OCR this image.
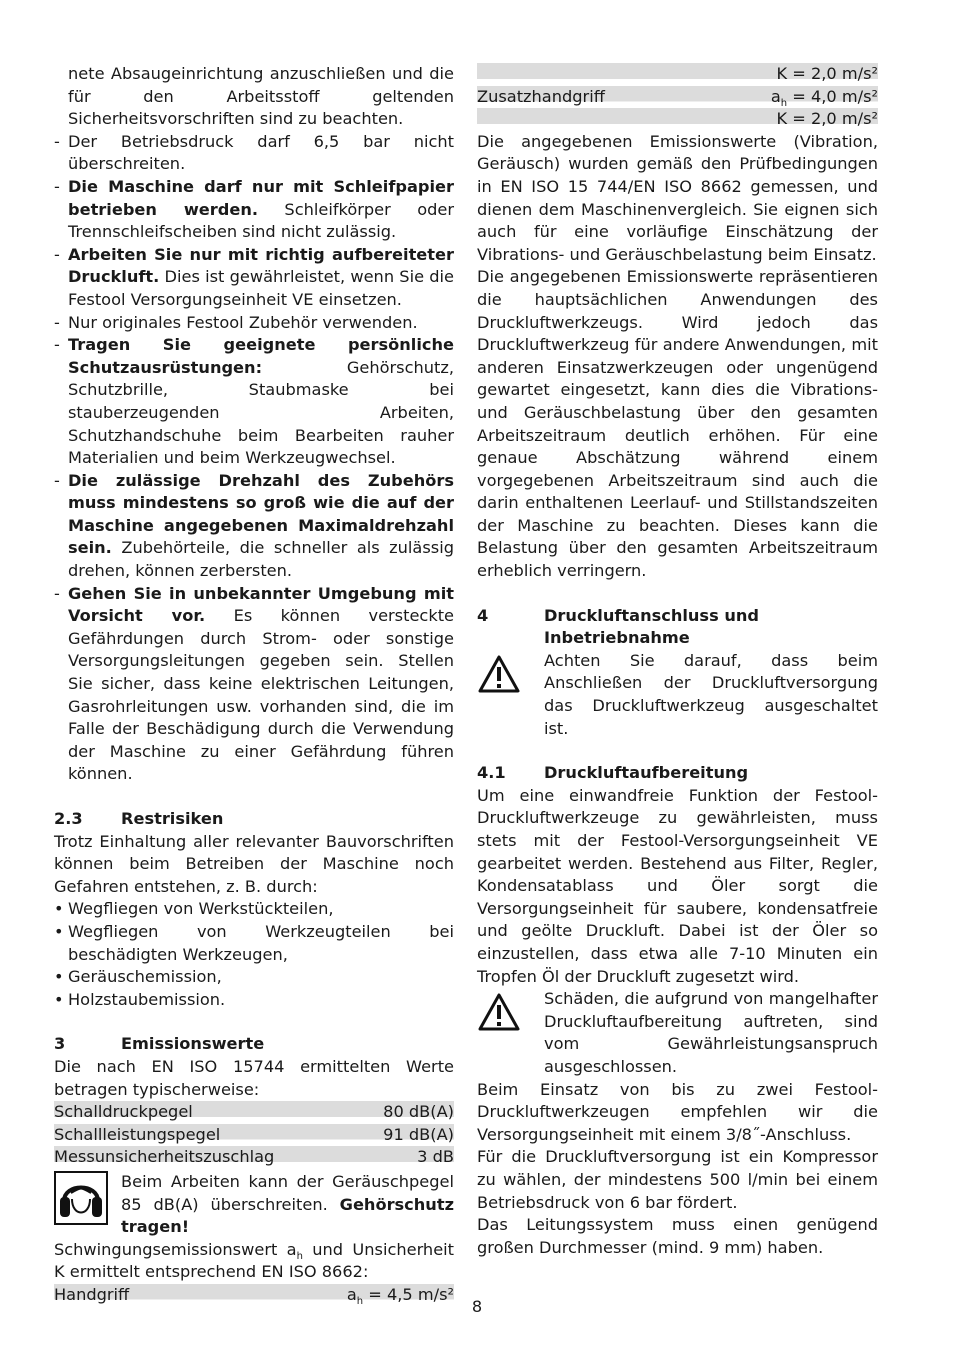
nete Absaugeinrichtung anzuschließen und die für den Arbeitsstoff geltenden Sicherheitsvorschriften sind zu beachten.

- Der Betriebsdruck darf 6,5 bar nicht überschreiten.
- Die Maschine darf nur mit Schleifpapier betrieben werden. Schleifkörper oder Trennschleifscheiben sind nicht zulässig.
- Arbeiten Sie nur mit richtig aufbereiteter Druckluft. Dies ist gewährleistet, wenn Sie die Festool Versorgungseinheit VE einsetzen.
- Nur originales Festool Zubehör verwenden.
- Tragen Sie geeignete persönliche Schutzausrüstungen: Gehörschutz, Schutzbrille, Staubmaske bei stauberzeugenden Arbeiten, Schutzhandschuhe beim Bearbeiten rauher Materialien und beim Werkzeugwechsel.
- Die zulässige Drehzahl des Zubehörs muss mindestens so groß wie die auf der Maschine angegebenen Maximaldrehzahl sein. Zubehörteile, die schneller als zulässig drehen, können zerbersten.
- Gehen Sie in unbekannter Umgebung mit Vorsicht vor. Es können versteckte Gefährdungen durch Strom- oder sonstige Versorgungsleitungen gegeben sein. Stellen Sie sicher, dass keine elektrischen Leitungen, Gasrohrleitungen usw. vorhanden sind, die im Falle der Beschädigung durch die Verwendung der Maschine zu einer Gefährdung führen können.
2.3	Restrisiken

Trotz Einhaltung aller relevanter Bauvorschriften können beim Betreiben der Maschine noch Gefahren entstehen, z. B. durch:

• Wegfliegen von Werkstückteilen,
• Wegfliegen von Werkzeugteilen bei beschädigten Werkzeugen,
• Geräuschemission,
• Holzstaubemission.
3	Emissionswerte

Die nach EN ISO 15744 ermittelten Werte betragen typischerweise:

Schalldruckpegel	80 dB(A)
Schallleistungspegel	91 dB(A)
Messunsicherheitszuschlag	3 dB
Beim Arbeiten kann der Geräuschpegel 85 dB(A) überschreiten. Gehörschutz tragen!

Schwingungsemissionswert $a_h$ und Unsicherheit K ermittelt entsprechend EN ISO 8662:

Handgriff	$a_h = 4,5$ m/s²
K = 2,0 m/s²
Zusatzhandgriff	$a_h = 4,0$ m/s²
K = 2,0 m/s²

Die angegebenen Emissionswerte (Vibration, Geräusch) wurden gemäß den Prüfbedingungen in EN ISO 15 744/EN ISO 8662 gemessen, und dienen dem Maschinenvergleich. Sie eignen sich auch für eine vorläufige Einschätzung der Vibrations- und Geräuschbelastung beim Einsatz.

Die angegebenen Emissionswerte repräsentieren die hauptsächlichen Anwendungen des Druckluftwerkzeugs. Wird jedoch das Druckluftwerkzeug für andere Anwendungen, mit anderen Einsatzwerkzeugen oder ungenügend gewartet eingesetzt, kann dies die Vibrations- und Geräuschbelastung über den gesamten Arbeitszeitraum deutlich erhöhen. Für eine genaue Abschätzung während einem vorgegebenen Arbeitszeitraum sind auch die darin enthaltenen Leerlauf- und Stillstandszeiten der Maschine zu beachten. Dieses kann die Belastung über den gesamten Arbeitszeitraum erheblich verringern.

4	Druckluftanschluss und Inbetriebnahme
Achten Sie darauf, dass beim Anschließen der Druckluftversorgung das Druckluftwerkzeug ausgeschaltet ist.
4.1	Druckluftaufbereitung

Um eine einwandfreie Funktion der Festool-Druckluftwerkzeuge zu gewährleisten, muss stets mit der Festool-Versorgungseinheit VE gearbeitet werden. Bestehend aus Filter, Regler, Kondensatablass und Öler sorgt die Versorgungseinheit für saubere, kondensatfreie und geölte Druckluft. Dabei ist der Öler so einzustellen, dass etwa alle 7-10 Minuten ein Tropfen Öl der Druckluft zugesetzt wird.

Schäden, die aufgrund von mangelhafter Druckluftaufbereitung auftreten, sind vom Gewährleistungsanspruch ausgeschlossen.

Beim Einsatz von bis zu zwei Festool-Druckluftwerkzeugen empfehlen wir die Versorgungseinheit mit einem 3/8˝-Anschluss.

Für die Druckluftversorgung ist ein Kompressor zu wählen, der mindestens 500 l/min bei einem Betriebsdruck von 6 bar fördert.

Das Leitungssystem muss einen genügend großen Durchmesser (mind. 9 mm) haben.

8
